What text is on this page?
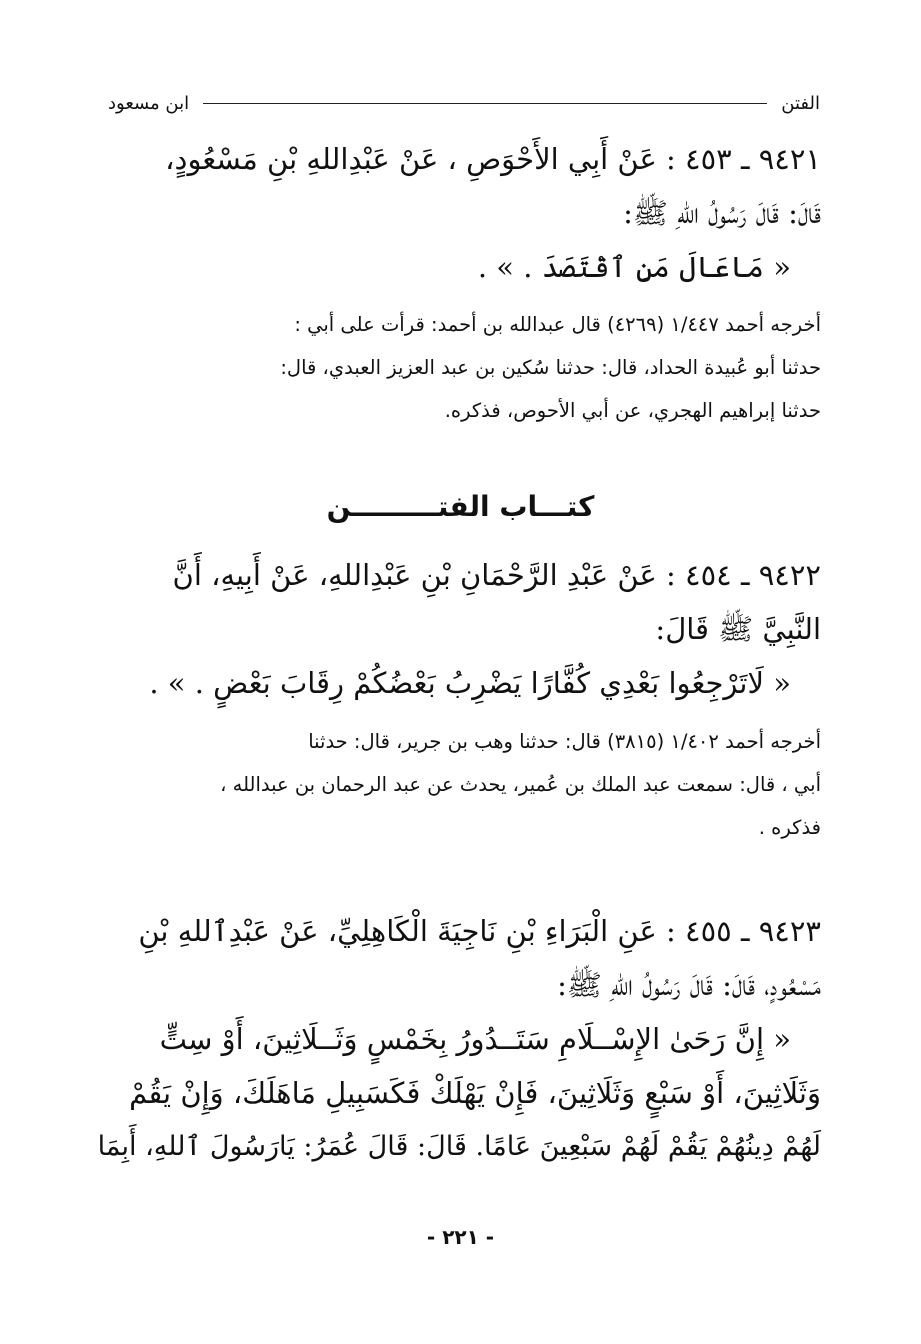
الفتن
ابن مسعود
٩٤٢١ ـ ٤٥٣ : عَنْ أَبِي الأَحْوَصِ ، عَنْ عَبْدِاللهِ بْنِ مَسْعُودٍ،
قَالَ: قَالَ رَسُولُ اللهِ ﷺ:
« مَاعَالَ مَنِ ٱقْتَصَدَ . » .
أخرجه أحمد ١/٤٤٧ (٤٢٦٩) قال عبدالله بن أحمد: قرأت على أبي :
حدثنا أبو عُبيدة الحداد، قال: حدثنا سُكين بن عبد العزيز العبدي، قال:
حدثنا إبراهيم الهجري، عن أبي الأحوص، فذكره.
كتـــاب الفتـــــــــن
٩٤٢٢ ـ ٤٥٤ : عَنْ عَبْدِ الرَّحْمَانِ بْنِ عَبْدِاللهِ، عَنْ أَبِيهِ، أَنَّ
النَّبِيَّ ﷺ قَالَ:
« لَاتَرْجِعُوا بَعْدِي كُفَّارًا يَضْرِبُ بَعْضُكُمْ رِقَابَ بَعْضٍ . » .
أخرجه أحمد ١/٤٠٢ (٣٨١٥) قال: حدثنا وهب بن جرير، قال: حدثنا
أبي ، قال: سمعت عبد الملك بن عُمير، يحدث عن عبد الرحمان بن عبدالله ،
فذكره .
٩٤٢٣ ـ ٤٥٥ : عَنِ الْبَرَاءِ بْنِ نَاجِيَةَ الْكَاهِلِيِّ، عَنْ عَبْدِٱللهِ بْنِ
مَسْعُودٍ، قَالَ: قَالَ رَسُولُ اللهِ ﷺ:
« إِنَّ رَحَىٰ الإِسْــلَامِ سَتَــدُورُ بِخَمْسٍ وَثَــلَاثِينَ، أَوْ سِتٍّ
وَثَلَاثِينَ، أَوْ سَبْعٍ وَثَلَاثِينَ، فَإِنْ يَهْلَكْ فَكَسَبِيلِ مَاهَلَكَ، وَإِنْ يَقُمْ
لَهُمْ دِينُهُمْ يَقُمْ لَهُمْ سَبْعِينَ عَامًا. قَالَ: قَالَ عُمَرُ: يَارَسُولَ ٱللهِ، أَبِمَا
- ٢٢١ -
